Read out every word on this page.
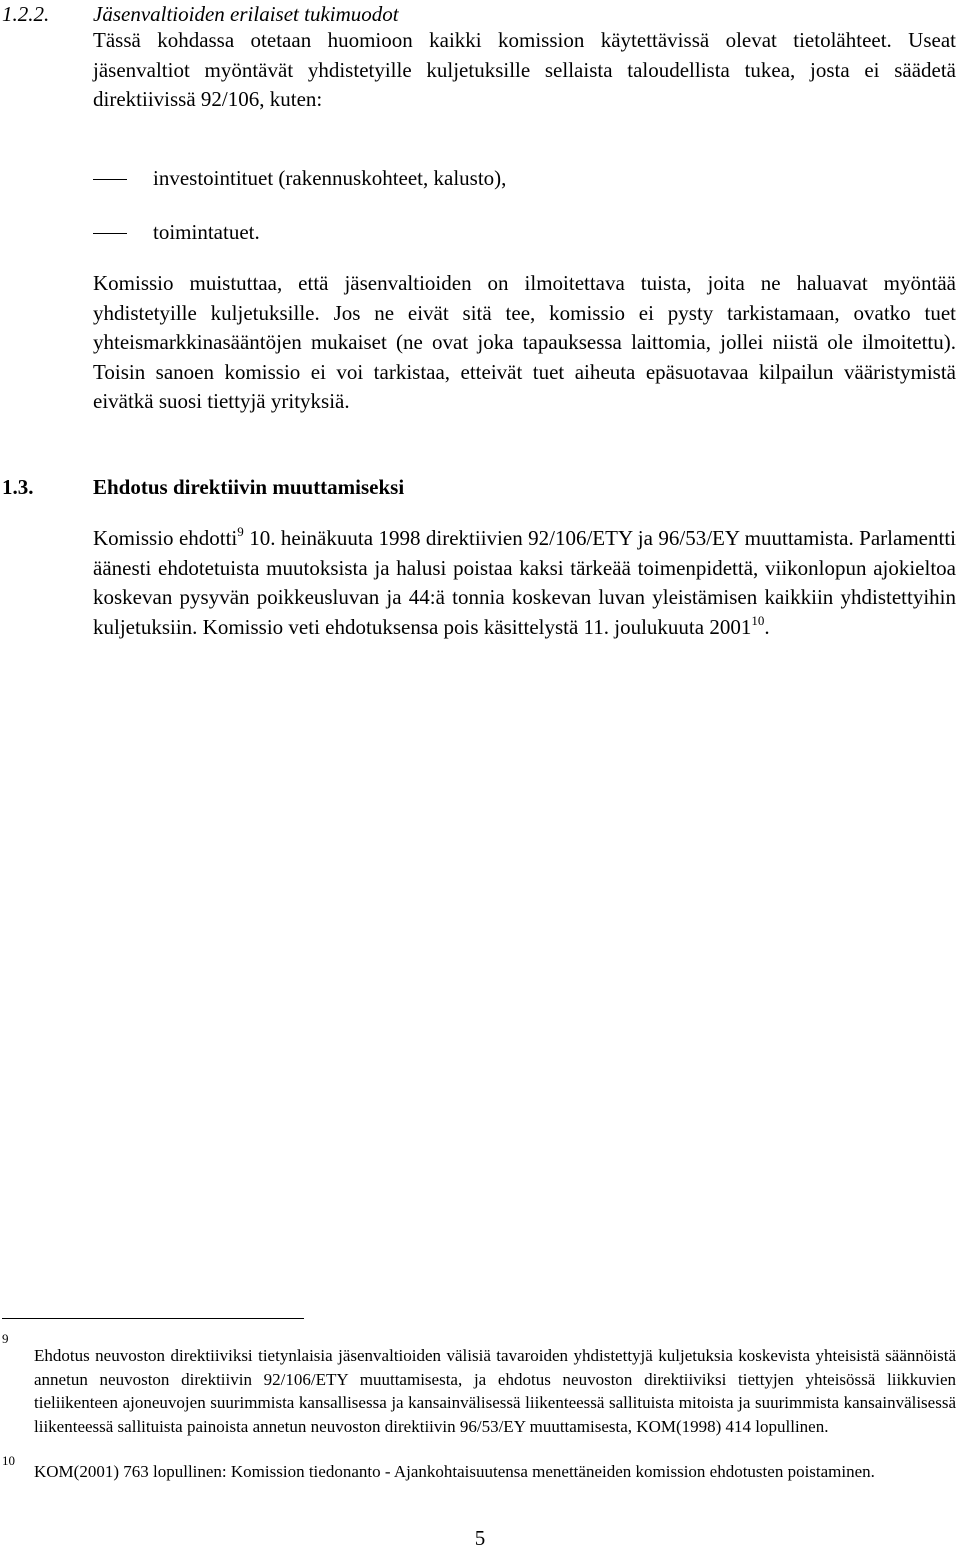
1.2.2. Jäsenvaltioiden erilaiset tukimuodot
Tässä kohdassa otetaan huomioon kaikki komission käytettävissä olevat tietolähteet. Useat jäsenvaltiot myöntävät yhdistetyille kuljetuksille sellaista taloudellista tukea, josta ei säädetä direktiivissä 92/106, kuten:
investointituet (rakennuskohteet, kalusto),
toimintatuet.
Komissio muistuttaa, että jäsenvaltioiden on ilmoitettava tuista, joita ne haluavat myöntää yhdistetyille kuljetuksille. Jos ne eivät sitä tee, komissio ei pysty tarkistamaan, ovatko tuet yhteismarkkinasääntöjen mukaiset (ne ovat joka tapauksessa laittomia, jollei niistä ole ilmoitettu). Toisin sanoen komissio ei voi tarkistaa, etteivät tuet aiheuta epäsuotavaa kilpailun vääristymistä eivätkä suosi tiettyjä yrityksiä.
1.3.	Ehdotus direktiivin muuttamiseksi
Komissio ehdotti$^9$ 10. heinäkuuta 1998 direktiivien 92/106/ETY ja 96/53/EY muuttamista. Parlamentti äänesti ehdotetuista muutoksista ja halusi poistaa kaksi tärkeää toimenpidettä, viikonlopun ajokieltoa koskevan pysyvän poikkeusluvan ja 44:ä tonnia koskevan luvan yleistämisen kaikkiin yhdistettyihin kuljetuksiin. Komissio veti ehdotuksensa pois käsittelystä 11. joulukuuta 2001$^{10}$.
9
Ehdotus neuvoston direktiiviksi tietynlaisia jäsenvaltioiden välisiä tavaroiden yhdistettyjä kuljetuksia koskevista yhteisistä säännöistä annetun neuvoston direktiivin 92/106/ETY muuttamisesta, ja ehdotus neuvoston direktiiviksi tiettyjen yhteisössä liikkuvien tieliikenteen ajoneuvojen suurimmista kansallisessa ja kansainvälisessä liikenteessä sallituista mitoista ja suurimmista kansainvälisessä liikenteessä sallituista painoista annetun neuvoston direktiivin 96/53/EY muuttamisesta, KOM(1998) 414 lopullinen.
10
KOM(2001) 763 lopullinen: Komission tiedonanto - Ajankohtaisuutensa menettäneiden komission ehdotusten poistaminen.
5
